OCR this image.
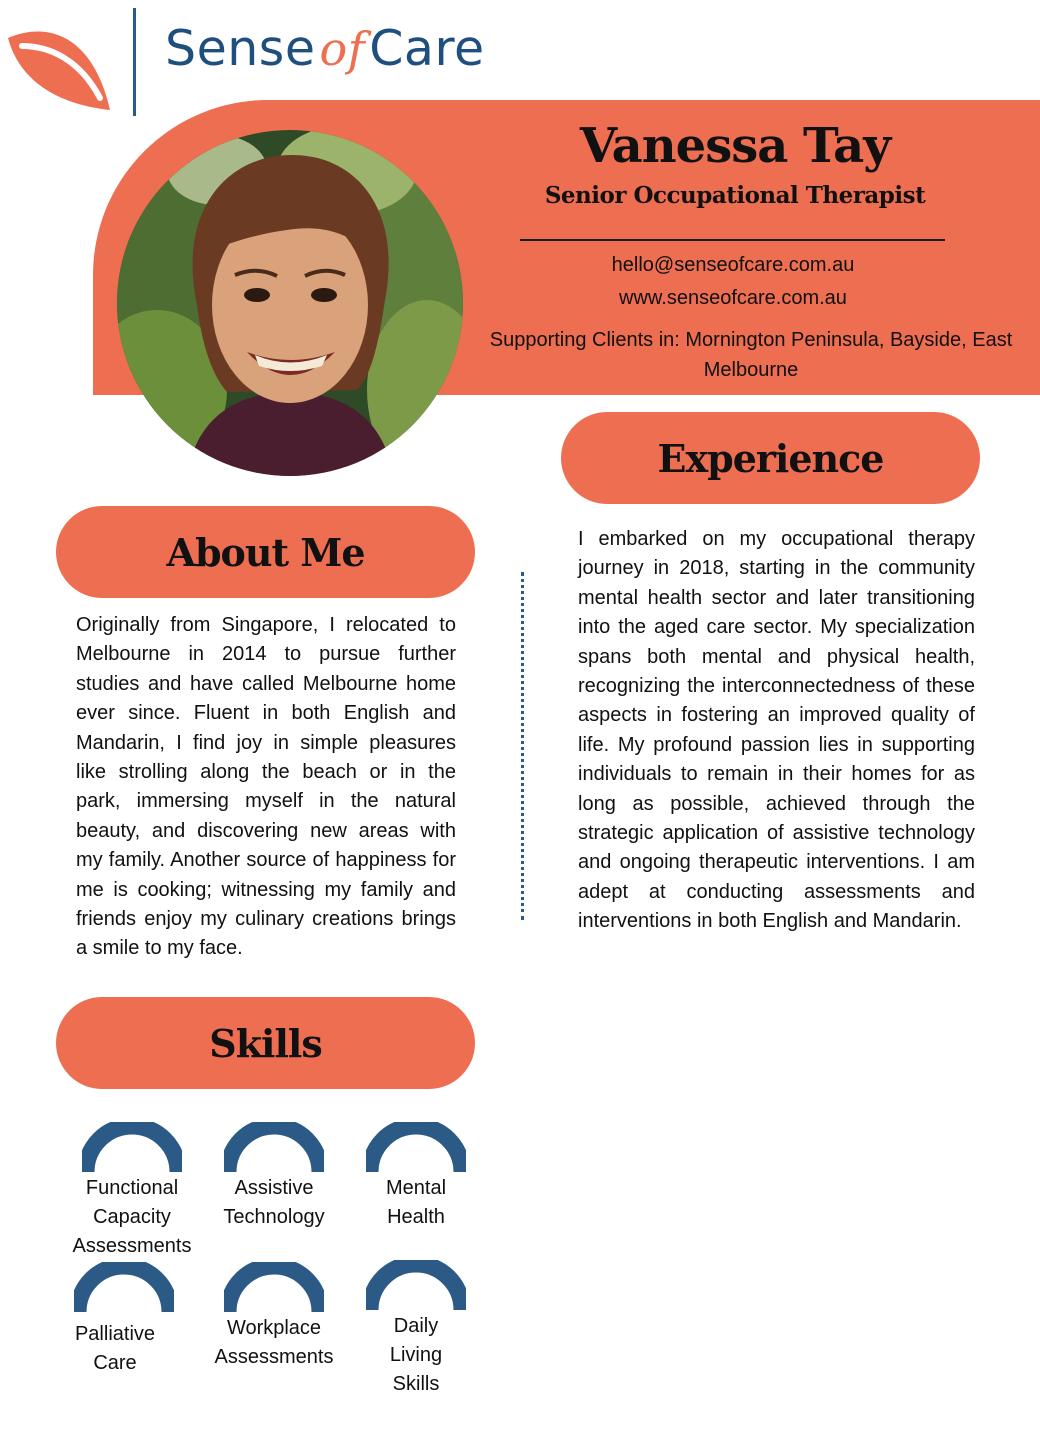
SenseofCare
Vanessa Tay
Senior Occupational Therapist
hello@senseofcare.com.au
www.senseofcare.com.au
Supporting Clients in: Mornington Peninsula, Bayside, East Melbourne
Experience
About Me
Skills
Originally from Singapore, I relocated to Melbourne in 2014 to pursue further studies and have called Melbourne home ever since. Fluent in both English and Mandarin, I find joy in simple pleasures like strolling along the beach or in the park, immersing myself in the natural beauty, and discovering new areas with my family. Another source of happiness for me is cooking; witnessing my family and friends enjoy my culinary creations brings a smile to my face.
I embarked on my occupational therapy journey in 2018, starting in the community mental health sector and later transitioning into the aged care sector. My specialization spans both mental and physical health, recognizing the interconnectedness of these aspects in fostering an improved quality of life. My profound passion lies in supporting individuals to remain in their homes for as long as possible, achieved through the strategic application of assistive technology and ongoing therapeutic interventions. I am adept at conducting assessments and interventions in both English and Mandarin.
Functional Capacity Assessments
Assistive Technology
Mental Health
Palliative Care
Workplace Assessments
Daily Living Skills
